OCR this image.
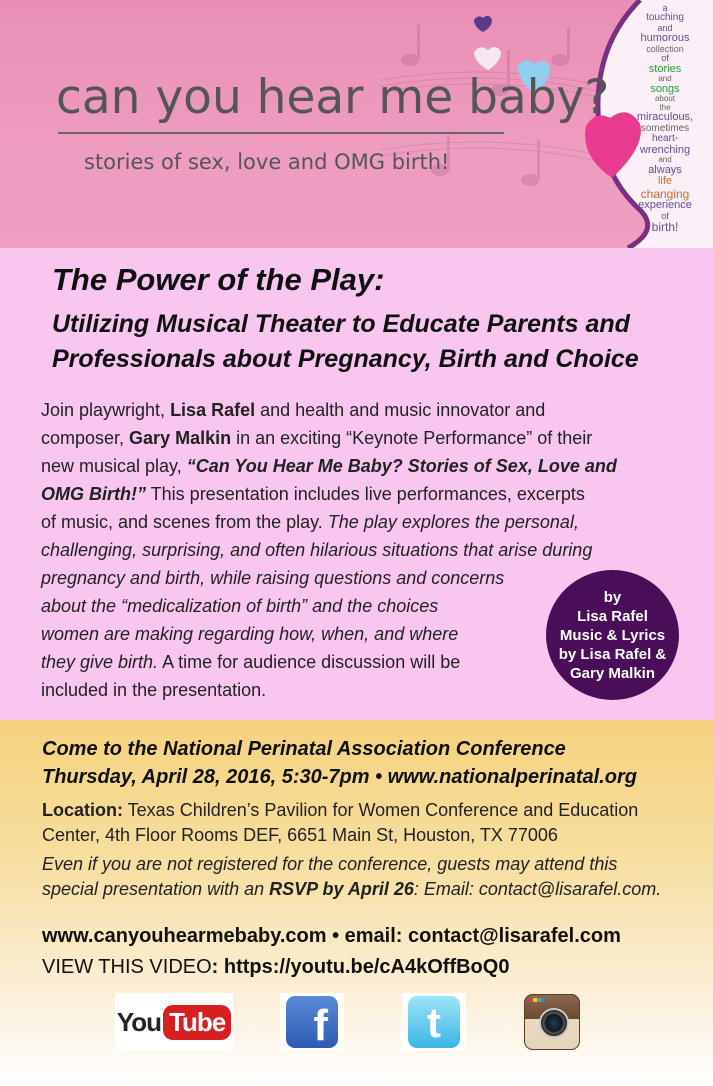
can you hear me baby?
stories of sex, love and OMG birth!
a
touching
and
humorous
collection
of
stories
and
songs
about
the
miraculous,
sometimes
heart-
wrenching
and
always
life
changing
experience
of
birth!
The Power of the Play:
Utilizing Musical Theater to Educate Parents and
Professionals about Pregnancy, Birth and Choice

Join playwright, Lisa Rafel and health and music innovator and

composer, Gary Malkin in an exciting “Keynote Performance” of their

new musical play, “Can You Hear Me Baby? Stories of Sex, Love and

OMG Birth!” This presentation includes live performances, excerpts

of music, and scenes from the play. The play explores the personal,

challenging, surprising, and often hilarious situations that arise during

pregnancy and birth, while raising questions and concerns

about the “medicalization of birth” and the choices

women are making regarding how, when, and where

they give birth. A time for audience discussion will be

included in the presentation.

by
Lisa Rafel
Music & Lyrics
by Lisa Rafel &
Gary Malkin
Come to the National Perinatal Association Conference
Thursday, April 28, 2016, 5:30-7pm • www.nationalperinatal.org
Location: Texas Children’s Pavilion for Women Conference and Education
Center, 4th Floor Rooms DEF, 6651 Main St, Houston, TX 77006
Even if you are not registered for the conference, guests may attend this
special presentation with an RSVP by April 26: Email: contact@lisarafel.com.
www.canyouhearmebaby.com • email: contact@lisarafel.com
VIEW THIS VIDEO: https://youtu.be/cA4kOffBoQ0
You Tube	f	t
